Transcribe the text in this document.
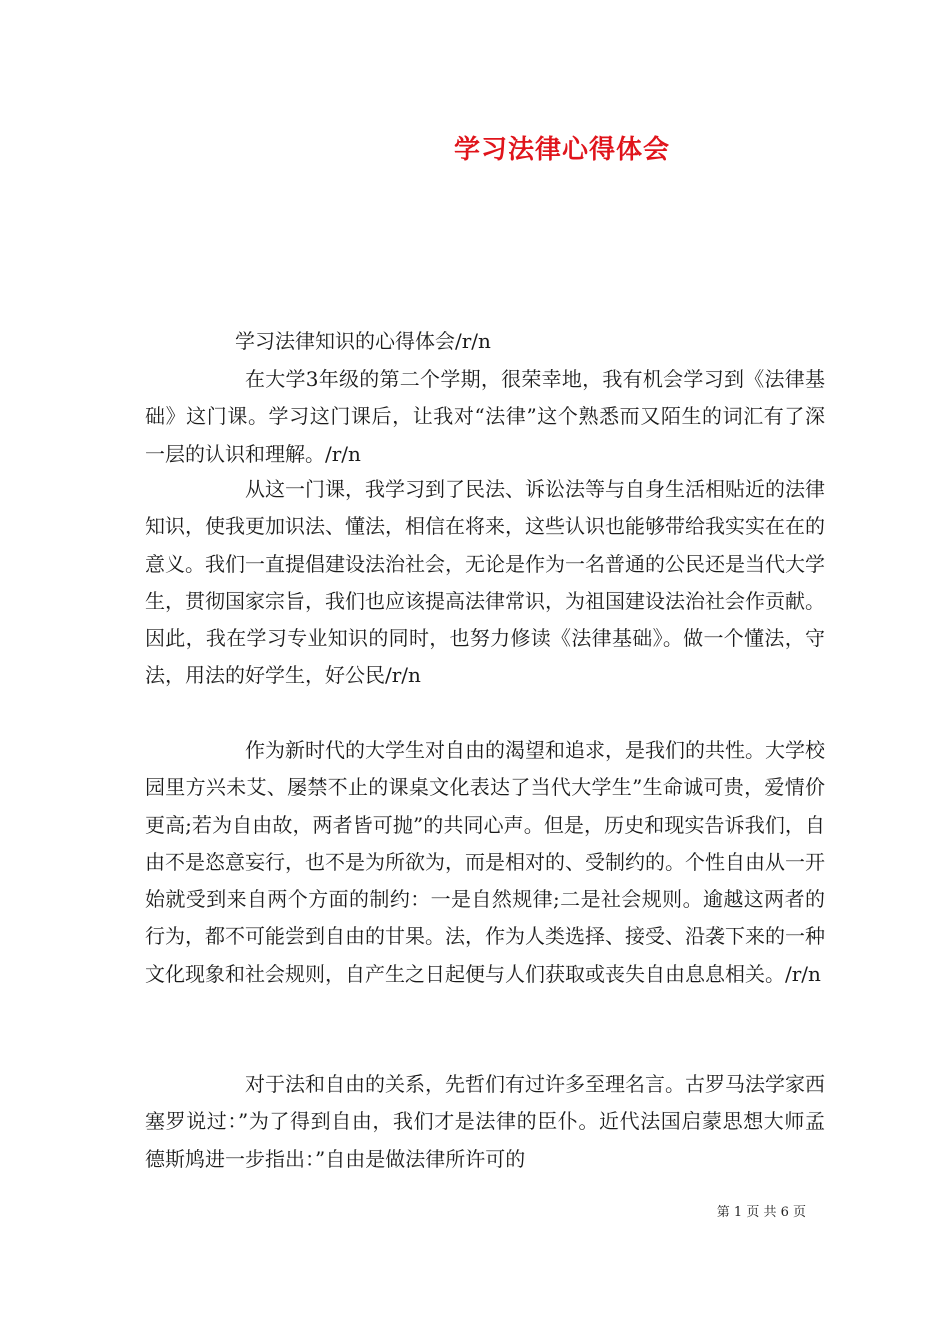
学习法律心得体会
学习法律知识的心得体会/r/n

在大学3年级的第二个学期，很荣幸地，我有机会学习到《法律基础》这门课。学习这门课后，让我对“法律”这个熟悉而又陌生的词汇有了深一层的认识和理解。/r/n

从这一门课，我学习到了民法、诉讼法等与自身生活相贴近的法律知识，使我更加识法、懂法，相信在将来，这些认识也能够带给我实实在在的意义。我们一直提倡建设法治社会，无论是作为一名普通的公民还是当代大学生，贯彻国家宗旨，我们也应该提高法律常识，为祖国建设法治社会作贡献。因此，我在学习专业知识的同时，也努力修读《法律基础》。做一个懂法，守法，用法的好学生，好公民/r/n

作为新时代的大学生对自由的渴望和追求，是我们的共性。大学校园里方兴未艾、屡禁不止的课桌文化表达了当代大学生”生命诚可贵，爱情价更高;若为自由故，两者皆可抛”的共同心声。但是，历史和现实告诉我们，自由不是恣意妄行，也不是为所欲为，而是相对的、受制约的。个性自由从一开始就受到来自两个方面的制约：一是自然规律;二是社会规则。逾越这两者的行为，都不可能尝到自由的甘果。法，作为人类选择、接受、沿袭下来的一种文化现象和社会规则，自产生之日起便与人们获取或丧失自由息息相关。/r/n

对于法和自由的关系，先哲们有过许多至理名言。古罗马法学家西塞罗说过：”为了得到自由，我们才是法律的臣仆。近代法国启蒙思想大师孟德斯鸠进一步指出：”自由是做法律所许可的

第 1 页 共 6 页
